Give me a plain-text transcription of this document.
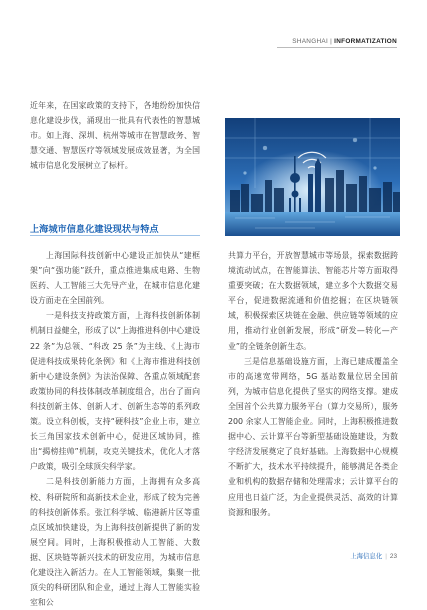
SHANGHAI | INFORMATIZATION
近年来，在国家政策的支持下，各地纷纷加快信息化建设步伐，涌现出一批具有代表性的智慧城市。如上海、深圳、杭州等城市在智慧政务、智慧交通、智慧医疗等领域发展成效显著，为全国城市信息化发展树立了标杆。
上海城市信息化建设现状与特点

上海国际科技创新中心建设正加快从“建框架”向“强功能”跃升，重点推进集成电路、生物医药、人工智能三大先导产业，在城市信息化建设方面走在全国前列。

一是科技支持政策方面，上海科技创新体制机制日益健全，形成了以“上海推进科创中心建设 22 条”为总领、“科改 25 条”为主线、《上海市促进科技成果转化条例》和《上海市推进科技创新中心建设条例》为法治保障、各重点领域配套政策协同的科技体制改革制度组合，出台了面向科技创新主体、创新人才、创新生态等的系列政策。设立科创板，支持“硬科技”企业上市，建立长三角国家技术创新中心，促进区域协同，推出“揭榜挂帅”机制，攻克关键技术，优化人才落户政策，吸引全球顶尖科学家。

二是科技创新能力方面，上海拥有众多高校、科研院所和高新技术企业，形成了较为完善的科技创新体系。张江科学城、临港新片区等重点区域加快建设，为上海科技创新提供了新的发展空间。同时，上海积极推动人工智能、大数据、区块链等新兴技术的研发应用，为城市信息化建设注入新活力。在人工智能领域，集聚一批顶尖的科研团队和企业，通过上海人工智能实验室和公

共算力平台，开放智慧城市等场景，探索数据跨境流动试点，在智能算法、智能芯片等方面取得重要突破；在大数据领域，建立多个大数据交易平台，促进数据流通和价值挖掘；在区块链领域，积极探索区块链在金融、供应链等领域的应用，推动行业创新发展，形成“研发—转化—产业”的全链条创新生态。

三是信息基础设施方面，上海已建成覆盖全市的高速宽带网络，5G 基站数量位居全国前列，为城市信息化提供了坚实的网络支撑。建成全国首个公共算力服务平台（算力交易所），服务 200 余家人工智能企业。同时，上海积极推进数据中心、云计算平台等新型基础设施建设，为数字经济发展奠定了良好基础。上海数据中心规模不断扩大，技术水平持续提升，能够满足各类企业和机构的数据存储和处理需求；云计算平台的应用也日益广泛，为企业提供灵活、高效的计算资源和服务。

上海信息化 | 23
